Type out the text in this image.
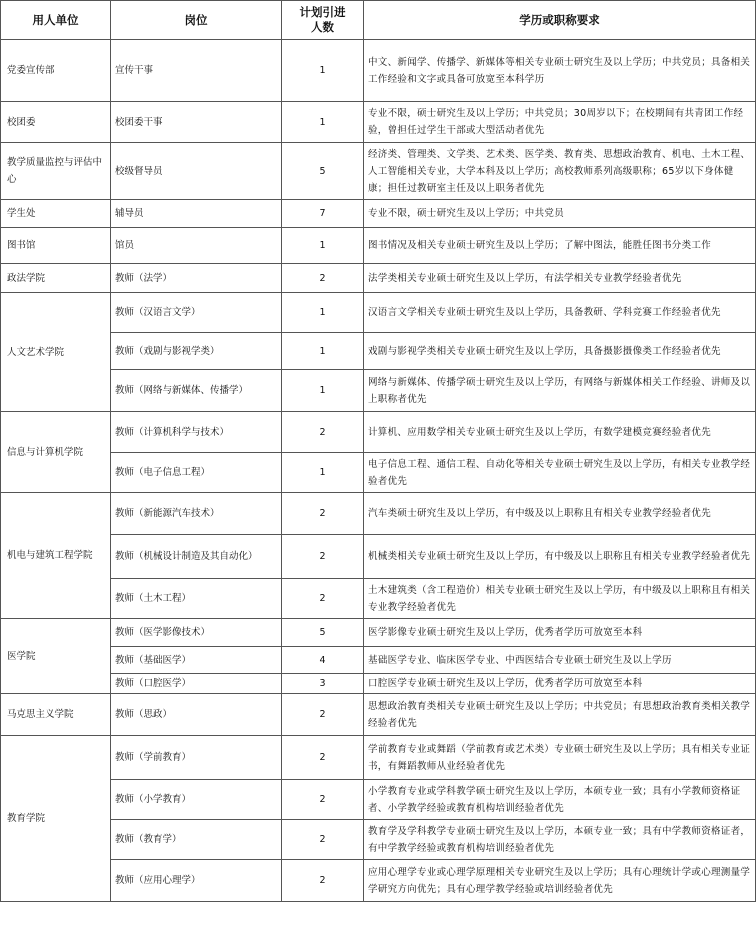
用人单位	岗位	计划引进人数	学历或职称要求
党委宣传部	宣传干事	1	中文、新闻学、传播学、新媒体等相关专业硕士研究生及以上学历；中共党员；具备相关工作经验和文字或具备可放宽至本科学历
校团委	校团委干事	1	专业不限，硕士研究生及以上学历；中共党员；30周岁以下；在校期间有共青团工作经验，曾担任过学生干部或大型活动者优先
教学质量监控与评估中心	校级督导员	5	经济类、管理类、文学类、艺术类、医学类、教育类、思想政治教育、机电、土木工程、人工智能相关专业，大学本科及以上学历；高校教师系列高级职称；65岁以下身体健康；担任过教研室主任及以上职务者优先
学生处	辅导员	7	专业不限，硕士研究生及以上学历；中共党员
图书馆	馆员	1	图书情况及相关专业硕士研究生及以上学历；了解中图法，能胜任图书分类工作
政法学院	教师（法学）	2	法学类相关专业硕士研究生及以上学历，有法学相关专业教学经验者优先
人文艺术学院	教师（汉语言文学）	1	汉语言文学相关专业硕士研究生及以上学历，具备教研、学科竞赛工作经验者优先
	教师（戏剧与影视学类）	1	戏剧与影视学类相关专业硕士研究生及以上学历，具备摄影摄像类工作经验者优先
	教师（网络与新媒体、传播学）	1	网络与新媒体、传播学硕士研究生及以上学历，有网络与新媒体相关工作经验、讲师及以上职称者优先
信息与计算机学院	教师（计算机科学与技术）	2	计算机、应用数学相关专业硕士研究生及以上学历，有数学建模竞赛经验者优先
	教师（电子信息工程）	1	电子信息工程、通信工程、自动化等相关专业硕士研究生及以上学历，有相关专业教学经验者优先
机电与建筑工程学院	教师（新能源汽车技术）	2	汽车类硕士研究生及以上学历，有中级及以上职称且有相关专业教学经验者优先
	教师（机械设计制造及其自动化）	2	机械类相关专业硕士研究生及以上学历，有中级及以上职称且有相关专业教学经验者优先
	教师（土木工程）	2	土木建筑类（含工程造价）相关专业硕士研究生及以上学历，有中级及以上职称且有相关专业教学经验者优先
医学院	教师（医学影像技术）	5	医学影像专业硕士研究生及以上学历，优秀者学历可放宽至本科
	教师（基础医学）	4	基础医学专业、临床医学专业、中西医结合专业硕士研究生及以上学历
	教师（口腔医学）	3	口腔医学专业硕士研究生及以上学历，优秀者学历可放宽至本科
马克思主义学院	教师（思政）	2	思想政治教育类相关专业硕士研究生及以上学历；中共党员；有思想政治教育类相关教学经验者优先
教育学院	教师（学前教育）	2	学前教育专业或舞蹈（学前教育或艺术类）专业硕士研究生及以上学历；具有相关专业证书，有舞蹈教师从业经验者优先
	教师（小学教育）	2	小学教育专业或学科教学硕士研究生及以上学历，本硕专业一致；具有小学教师资格证者、小学教学经验或教育机构培训经验者优先
	教师（教育学）	2	教育学及学科教学专业硕士研究生及以上学历，本硕专业一致；具有中学教师资格证者，有中学教学经验或教育机构培训经验者优先
	教师（应用心理学）	2	应用心理学专业或心理学原理相关专业研究生及以上学历；具有心理统计学或心理测量学学研究方向优先；具有心理学教学经验或培训经验者优先
